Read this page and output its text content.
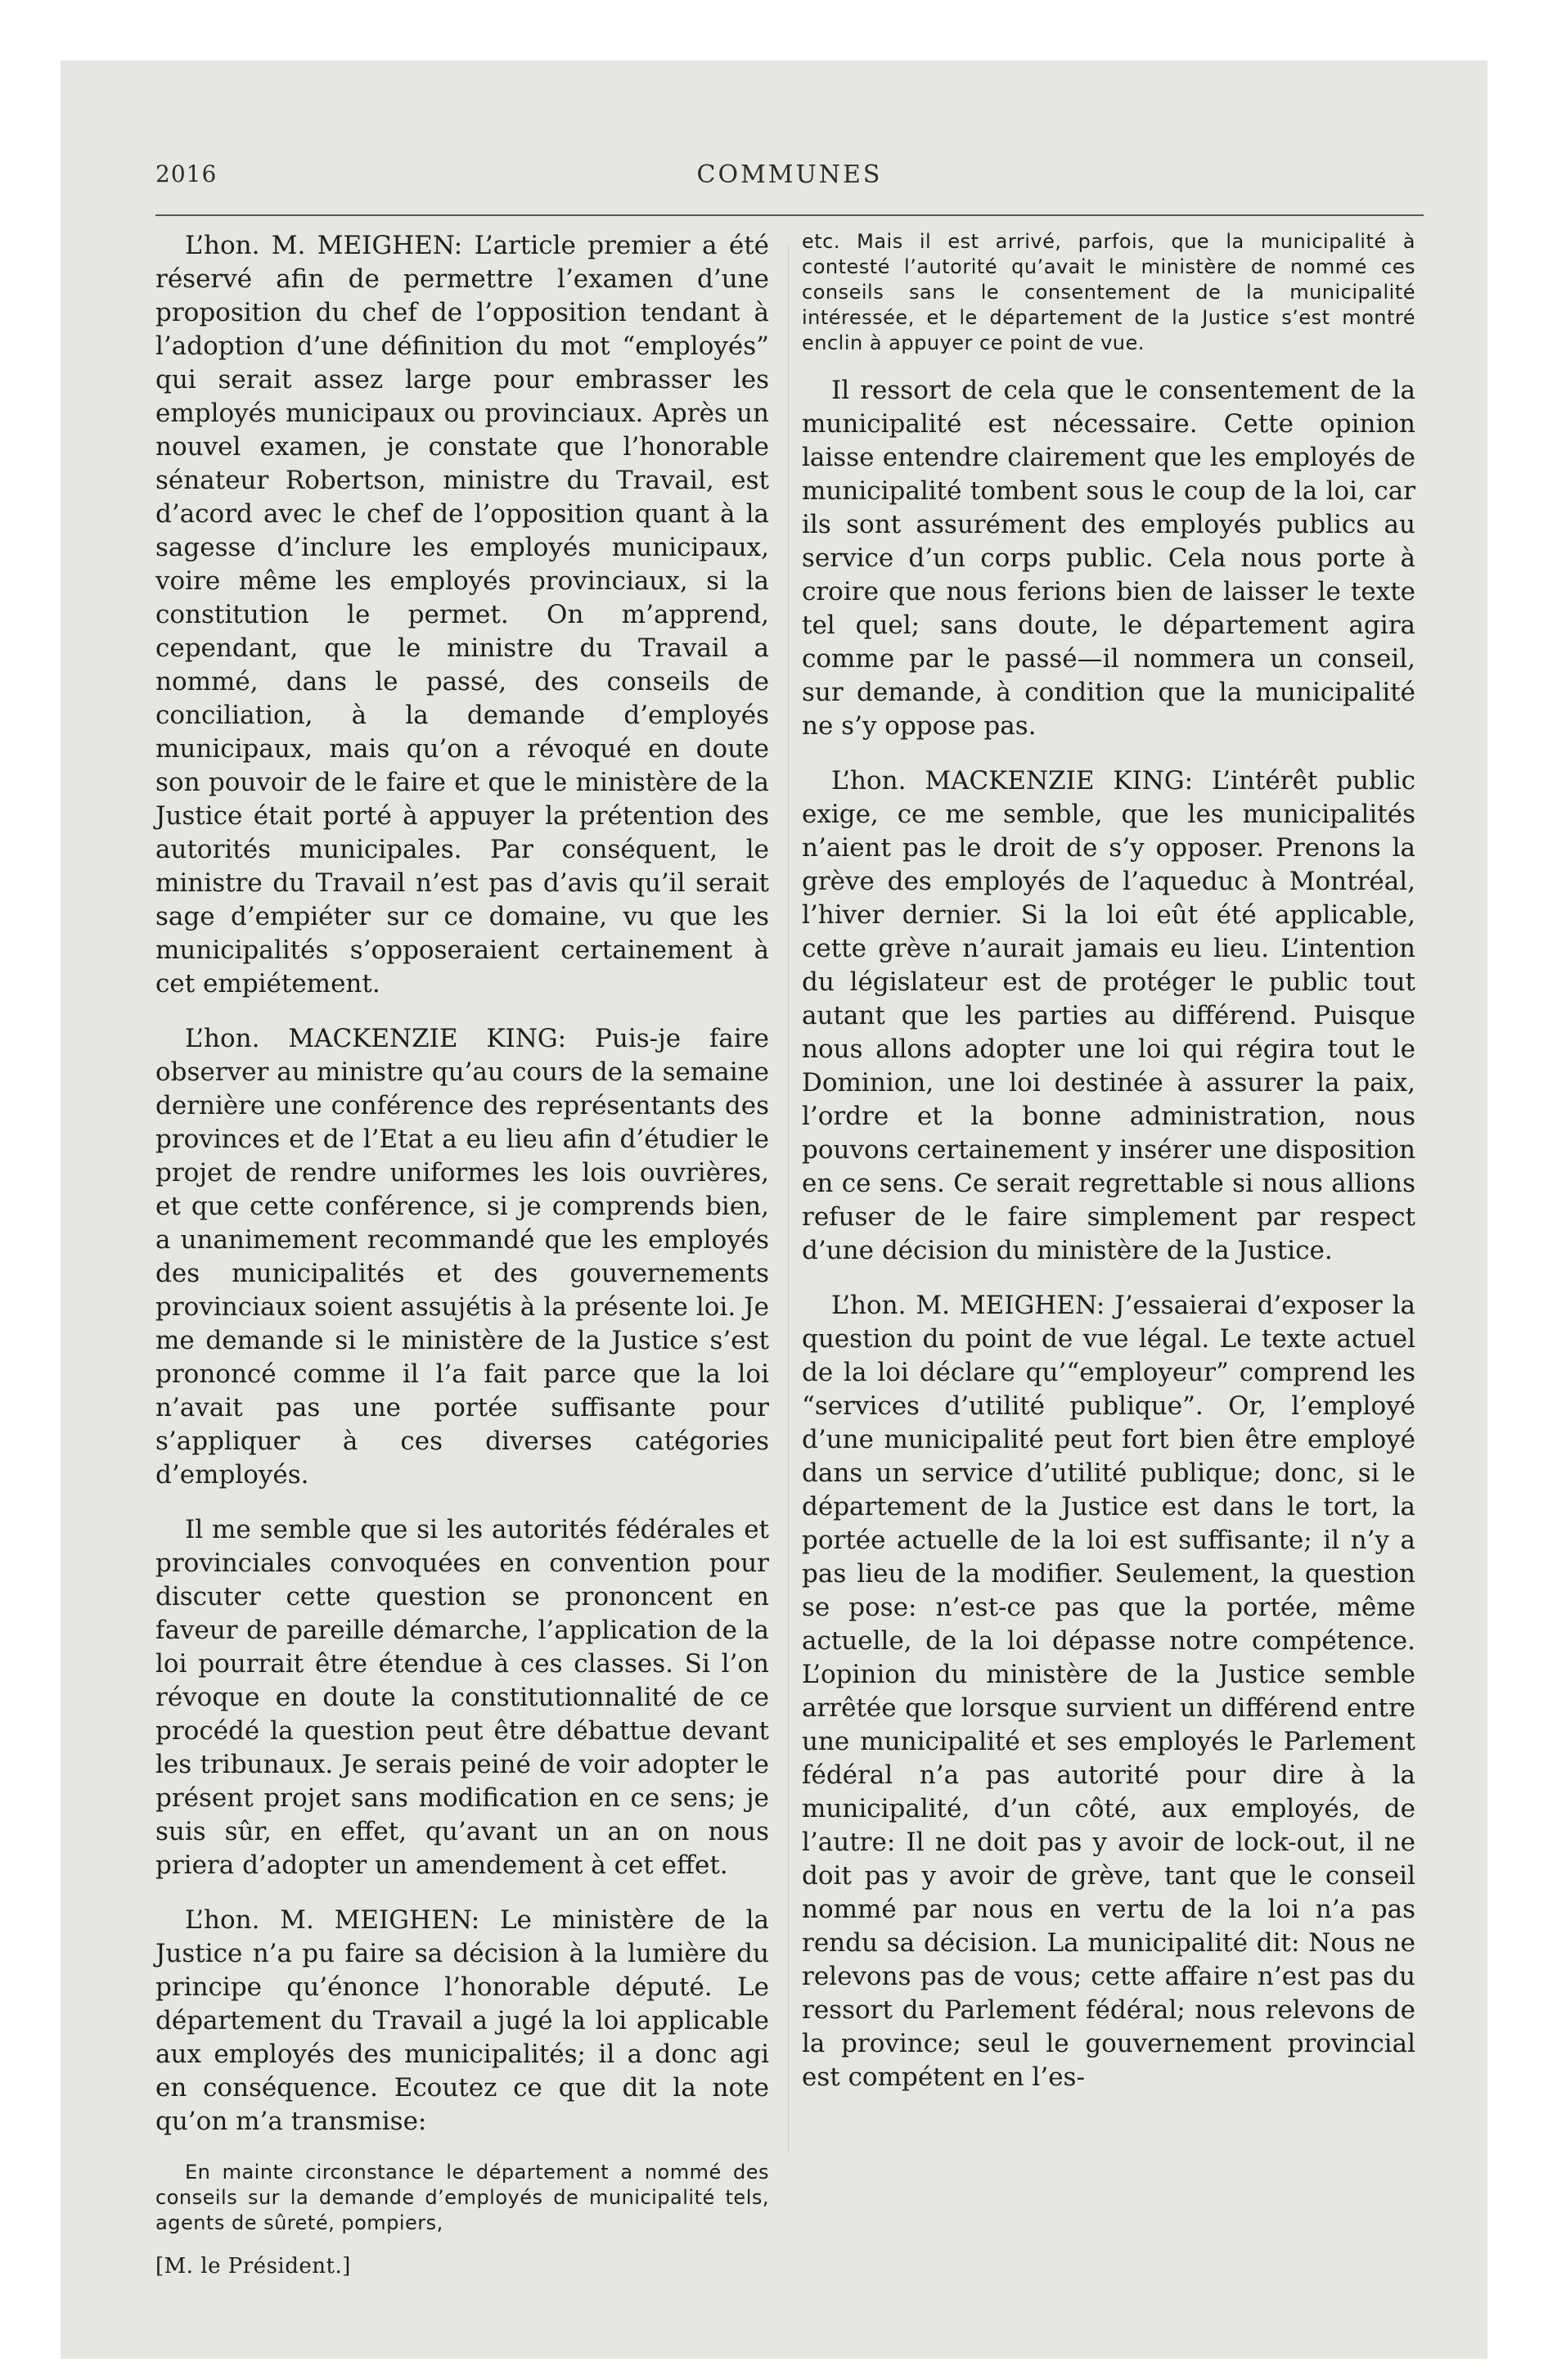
2016	COMMUNES

L’hon. M. MEIGHEN: L’article premier a été réservé afin de permettre l’examen d’une proposition du chef de l’opposition tendant à l’adoption d’une définition du mot “employés” qui serait assez large pour embrasser les employés municipaux ou provinciaux. Après un nouvel examen, je constate que l’honorable sénateur Robertson, ministre du Travail, est d’acord avec le chef de l’opposition quant à la sagesse d’inclure les employés municipaux, voire même les employés provinciaux, si la constitution le permet. On m’apprend, cependant, que le ministre du Travail a nommé, dans le passé, des conseils de conciliation, à la demande d’employés municipaux, mais qu’on a révoqué en doute son pouvoir de le faire et que le ministère de la Justice était porté à appuyer la prétention des autorités municipales. Par conséquent, le ministre du Travail n’est pas d’avis qu’il serait sage d’empiéter sur ce domaine, vu que les municipalités s’opposeraient certainement à cet empiétement.

L’hon. MACKENZIE KING: Puis-je faire observer au ministre qu’au cours de la semaine dernière une conférence des représentants des provinces et de l’Etat a eu lieu afin d’étudier le projet de rendre uniformes les lois ouvrières, et que cette conférence, si je comprends bien, a unanimement recommandé que les employés des municipalités et des gouvernements provinciaux soient assujétis à la présente loi. Je me demande si le ministère de la Justice s’est prononcé comme il l’a fait parce que la loi n’avait pas une portée suffisante pour s’appliquer à ces diverses catégories d’employés.

Il me semble que si les autorités fédérales et provinciales convoquées en convention pour discuter cette question se prononcent en faveur de pareille démarche, l’application de la loi pourrait être étendue à ces classes. Si l’on révoque en doute la constitutionnalité de ce procédé la question peut être débattue devant les tribunaux. Je serais peiné de voir adopter le présent projet sans modification en ce sens; je suis sûr, en effet, qu’avant un an on nous priera d’adopter un amendement à cet effet.

L’hon. M. MEIGHEN: Le ministère de la Justice n’a pu faire sa décision à la lumière du principe qu’énonce l’honorable député. Le département du Travail a jugé la loi applicable aux employés des municipalités; il a donc agi en conséquence. Ecoutez ce que dit la note qu’on m’a transmise:

En mainte circonstance le département a nommé des conseils sur la demande d’employés de municipalité tels, agents de sûreté, pompiers,

[M. le Président.]

etc. Mais il est arrivé, parfois, que la municipalité à contesté l’autorité qu’avait le ministère de nommé ces conseils sans le consentement de la municipalité intéressée, et le département de la Justice s’est montré enclin à appuyer ce point de vue.

Il ressort de cela que le consentement de la municipalité est nécessaire. Cette opinion laisse entendre clairement que les employés de municipalité tombent sous le coup de la loi, car ils sont assurément des employés publics au service d’un corps public. Cela nous porte à croire que nous ferions bien de laisser le texte tel quel; sans doute, le département agira comme par le passé—il nommera un conseil, sur demande, à condition que la municipalité ne s’y oppose pas.

L’hon. MACKENZIE KING: L’intérêt public exige, ce me semble, que les municipalités n’aient pas le droit de s’y opposer. Prenons la grève des employés de l’aqueduc à Montréal, l’hiver dernier. Si la loi eût été applicable, cette grève n’aurait jamais eu lieu. L’intention du législateur est de protéger le public tout autant que les parties au différend. Puisque nous allons adopter une loi qui régira tout le Dominion, une loi destinée à assurer la paix, l’ordre et la bonne administration, nous pouvons certainement y insérer une disposition en ce sens. Ce serait regrettable si nous allions refuser de le faire simplement par respect d’une décision du ministère de la Justice.

L’hon. M. MEIGHEN: J’essaierai d’exposer la question du point de vue légal. Le texte actuel de la loi déclare qu’“employeur” comprend les “services d’utilité publique”. Or, l’employé d’une municipalité peut fort bien être employé dans un service d’utilité publique; donc, si le département de la Justice est dans le tort, la portée actuelle de la loi est suffisante; il n’y a pas lieu de la modifier. Seulement, la question se pose: n’est-ce pas que la portée, même actuelle, de la loi dépasse notre compétence. L’opinion du ministère de la Justice semble arrêtée que lorsque survient un différend entre une municipalité et ses employés le Parlement fédéral n’a pas autorité pour dire à la municipalité, d’un côté, aux employés, de l’autre: Il ne doit pas y avoir de lock-out, il ne doit pas y avoir de grève, tant que le conseil nommé par nous en vertu de la loi n’a pas rendu sa décision. La municipalité dit: Nous ne relevons pas de vous; cette affaire n’est pas du ressort du Parlement fédéral; nous relevons de la province; seul le gouvernement provincial est compétent en l’es-
